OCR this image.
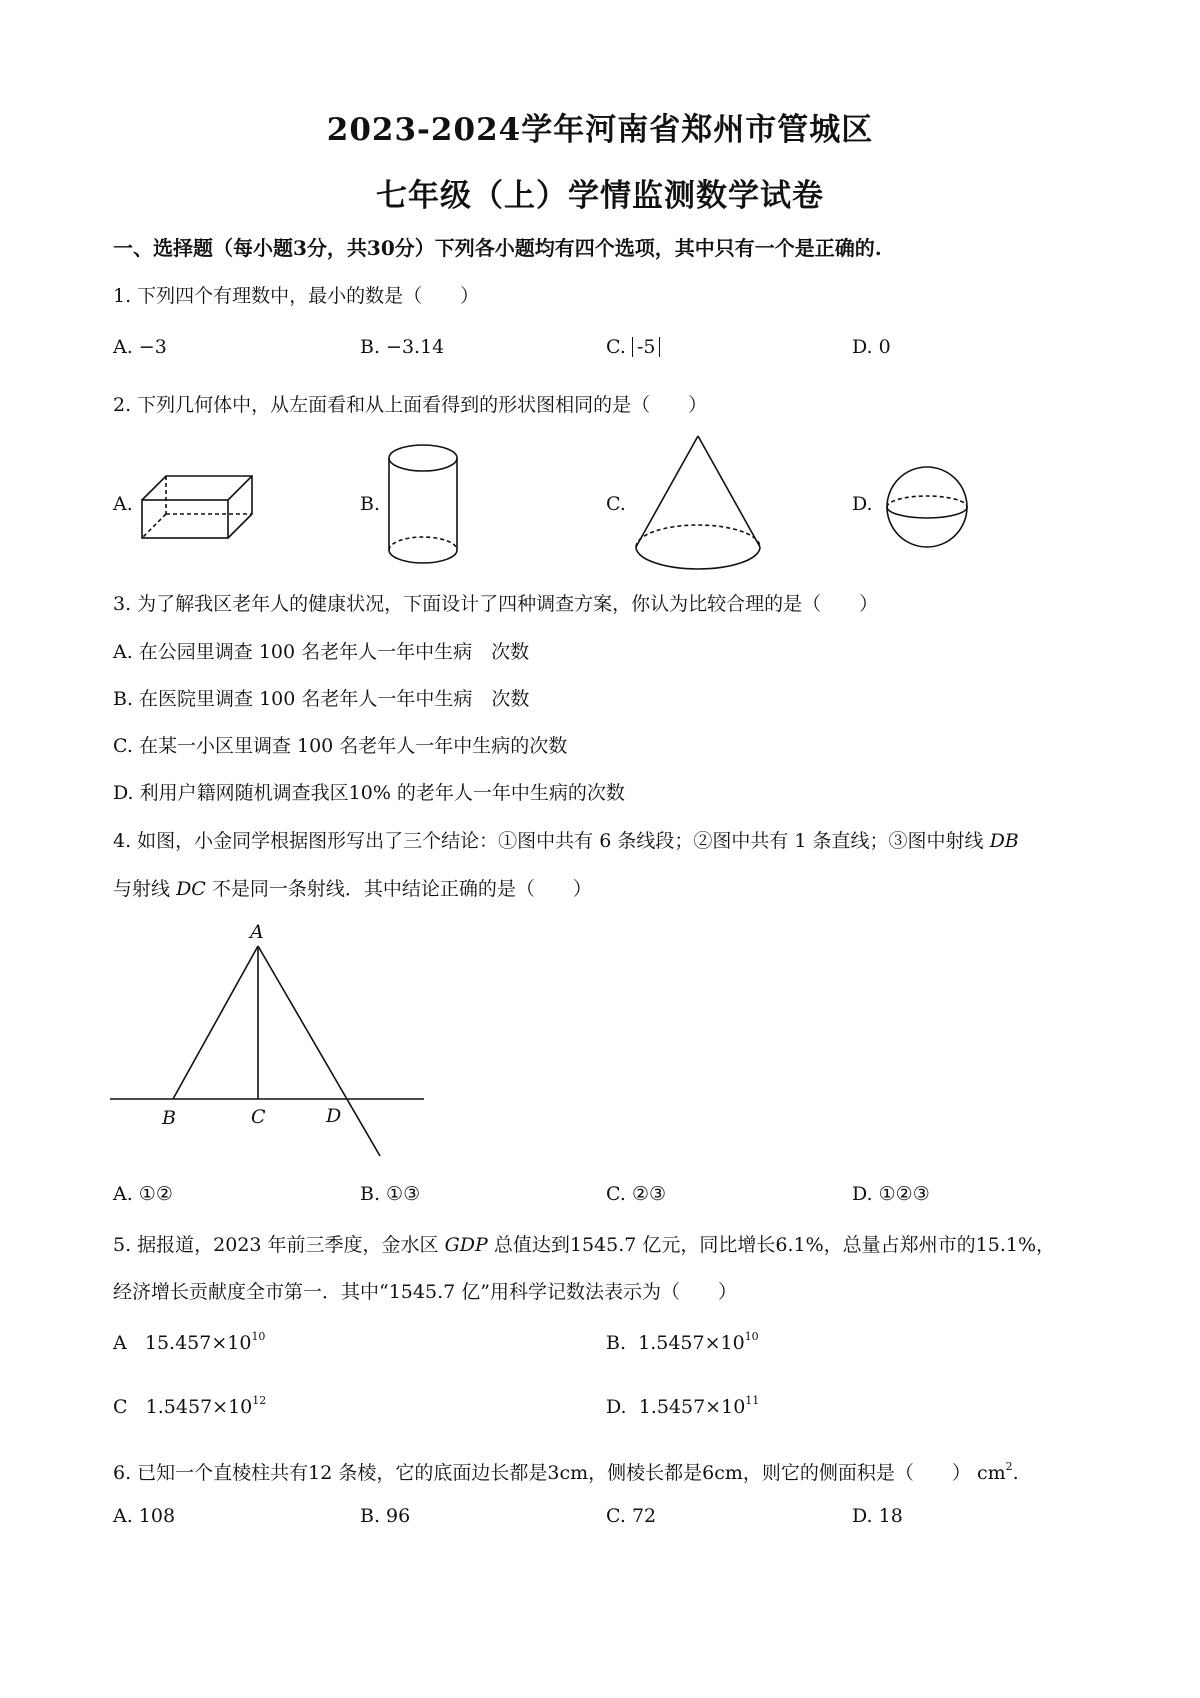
2023-2024学年河南省郑州市管城区
七年级（上）学情监测数学试卷
一、选择题（每小题3分，共30分）下列各小题均有四个选项，其中只有一个是正确的.
1. 下列四个有理数中，最小的数是（　　）
A. −3	B. −3.14	C. -5	D. 0
2. 下列几何体中，从左面看和从上面看得到的形状图相同的是（　　）
A.	B.	C.	D.
3. 为了解我区老年人的健康状况，下面设计了四种调查方案，你认为比较合理的是（　　）
A. 在公园里调查 100 名老年人一年中生病　次数
B. 在医院里调查 100 名老年人一年中生病　次数
C. 在某一小区里调查 100 名老年人一年中生病的次数
D. 利用户籍网随机调查我区10% 的老年人一年中生病的次数
4. 如图，小金同学根据图形写出了三个结论：①图中共有 6 条线段；②图中共有 1 条直线；③图中射线 DB
与射线 DC 不是同一条射线．其中结论正确的是（　　）
A
B	C	D
A. ①②	B. ①③	C. ②③	D. ①②③
5. 据报道，2023 年前三季度，金水区 GDP 总值达到1545.7 亿元，同比增长6.1%，总量占郑州市的15.1%，
经济增长贡献度全市第一．其中“1545.7 亿”用科学记数法表示为（　　）
A $15.457\times 10^{10}$	B. $1.5457\times 10^{10}$
C $1.5457\times 10^{12}$	D. $1.5457\times 10^{11}$
6. 已知一个直棱柱共有12 条棱，它的底面边长都是3cm，侧棱长都是6cm，则它的侧面积是（　　） $cm^2$.
A. 108	B. 96	C. 72	D. 18
